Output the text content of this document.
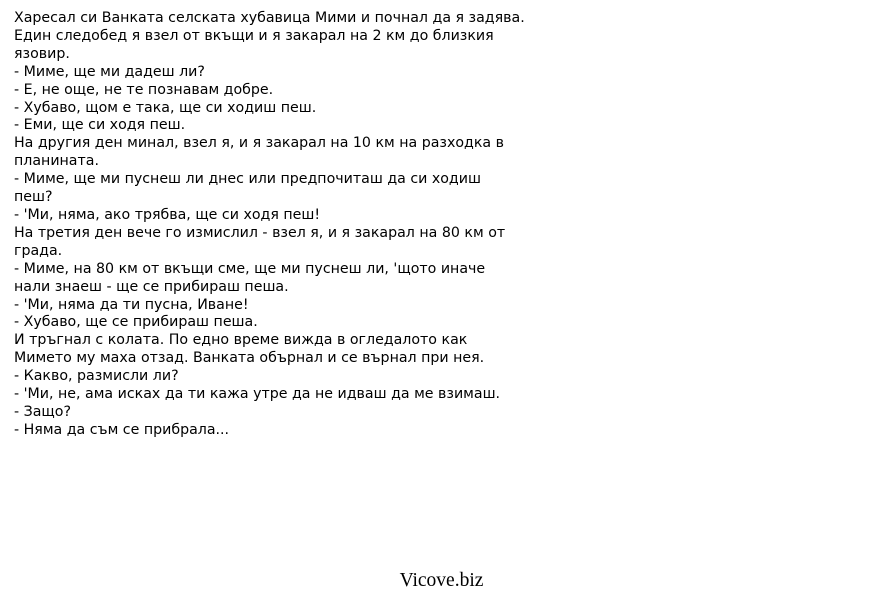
Харесал си Ванката селската хубавица Мими и почнал да я задява.
Един следобед я взел от вкъщи и я закарал на 2 км до близкия
язовир.
- Миме, ще ми дадеш ли?
- Е, не още, не те познавам добре.
- Хубаво, щом е така, ще си ходиш пеш.
- Еми, ще си ходя пеш.
На другия ден минал, взел я, и я закарал на 10 км на разходка в
планината.
- Миме, ще ми пуснеш ли днес или предпочиташ да си ходиш
пеш?
- 'Ми, няма, ако трябва, ще си ходя пеш!
На третия ден вече го измислил - взел я, и я закарал на 80 км от
града.
- Миме, на 80 км от вкъщи сме, ще ми пуснеш ли, 'щото иначе
нали знаеш - ще се прибираш пеша.
- 'Ми, няма да ти пусна, Иване!
- Хубаво, ще се прибираш пеша.
И тръгнал с колата. По едно време вижда в огледалото как
Мимето му маха отзад. Ванката обърнал и се върнал при нея.
- Какво, размисли ли?
- 'Ми, не, ама исках да ти кажа утре да не идваш да ме взимаш.
- Защо?
- Няма да съм се прибрала...
Vicove.biz
